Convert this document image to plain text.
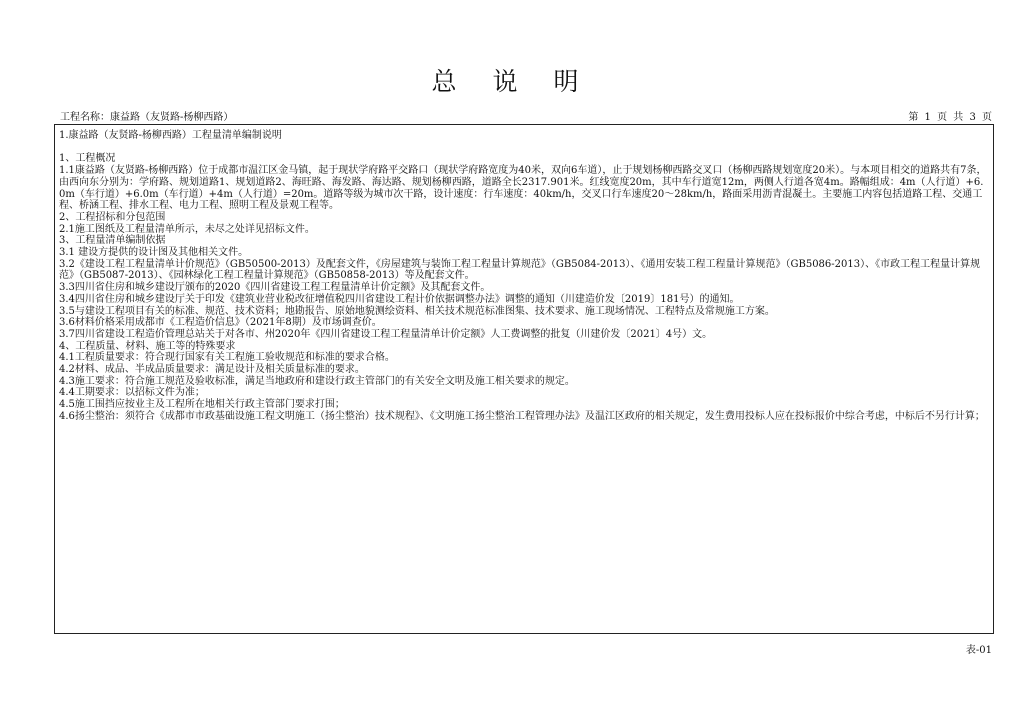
总 说 明
工程名称：康益路（友贤路-杨柳西路）	第 1 页 共 3 页

1.康益路（友贤路-杨柳西路）工程量清单编制说明

1、工程概况

1.1康益路（友贤路-杨柳西路）位于成都市温江区金马镇，起于现状学府路平交路口（现状学府路宽度为40米，双向6车道），止于规划杨柳西路交叉口（杨柳西路规划宽度20米）。与本项目相交的道路共有7条，由西向东分别为：学府路、规划道路1、规划道路2、海旺路、海发路、海达路、规划杨柳西路，道路全长2317.901米。红线宽度20m，其中车行道宽12m，两侧人行道各宽4m。路幅组成：4m（人行道）+6.0m（车行道）+6.0m（车行道）+4m（人行道）=20m。道路等级为城市次干路，设计速度：行车速度：40km/h，交叉口行车速度20～28km/h，路面采用沥青混凝土。主要施工内容包括道路工程、交通工程、桥涵工程、排水工程、电力工程、照明工程及景观工程等。

2、工程招标和分包范围

2.1施工图纸及工程量清单所示，未尽之处详见招标文件。

3、工程量清单编制依据

3.1 建设方提供的设计图及其他相关文件。

3.2《建设工程工程量清单计价规范》（GB50500-2013）及配套文件，《房屋建筑与装饰工程工程量计算规范》（GB5084-2013）、《通用安装工程工程量计算规范》（GB5086-2013）、《市政工程工程量计算规范》（GB5087-2013）、《园林绿化工程工程量计算规范》（GB50858-2013）等及配套文件。

3.3四川省住房和城乡建设厅颁布的2020《四川省建设工程工程量清单计价定额》及其配套文件。

3.4四川省住房和城乡建设厅关于印发《建筑业营业税改征增值税四川省建设工程计价依据调整办法》调整的通知（川建造价发〔2019〕181号）的通知。

3.5与建设工程项目有关的标准、规范、技术资料；地勘报告、原始地貌测绘资料、相关技术规范标准图集、技术要求、施工现场情况、工程特点及常规施工方案。

3.6材料价格采用成都市《工程造价信息》（2021年8期）及市场调查价。

3.7四川省建设工程造价管理总站关于对各市、州2020年《四川省建设工程工程量清单计价定额》人工费调整的批复（川建价发〔2021〕4号）文。

4、工程质量、材料、施工等的特殊要求

4.1工程质量要求：符合现行国家有关工程施工验收规范和标准的要求合格。

4.2材料、成品、半成品质量要求：满足设计及相关质量标准的要求。

4.3施工要求：符合施工规范及验收标准，满足当地政府和建设行政主管部门的有关安全文明及施工相关要求的规定。

4.4工期要求：以招标文件为准；

4.5施工围挡应按业主及工程所在地相关行政主管部门要求打围；

4.6扬尘整治：须符合《成都市市政基础设施工程文明施工（扬尘整治）技术规程》、《文明施工扬尘整治工程管理办法》及温江区政府的相关规定，发生费用投标人应在投标报价中综合考虑，中标后不另行计算；

表-01
